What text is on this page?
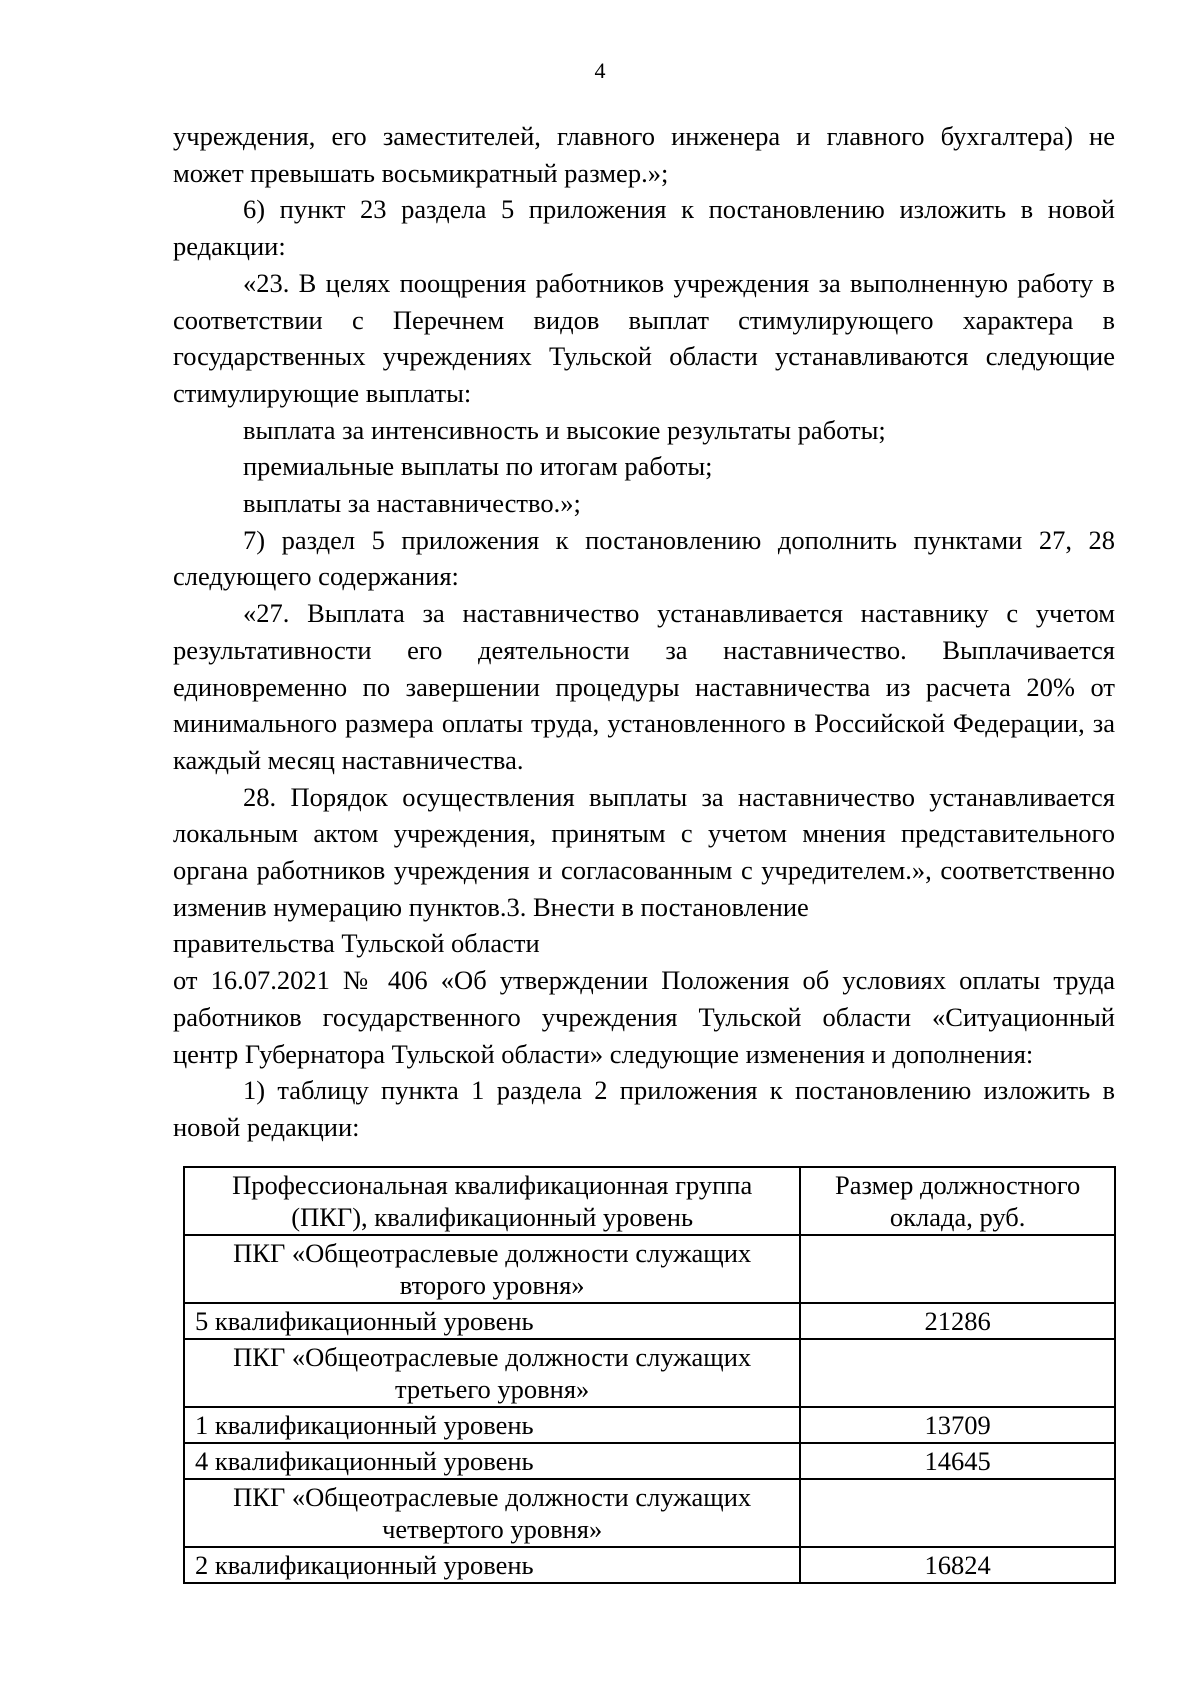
4

учреждения, его заместителей, главного инженера и главного бухгалтера) не может превышать восьмикратный размер.»;

6) пункт 23 раздела 5 приложения к постановлению изложить в новой редакции:

«23. В целях поощрения работников учреждения за выполненную работу в соответствии с Перечнем видов выплат стимулирующего характера в государственных учреждениях Тульской области устанавливаются следующие стимулирующие выплаты:

выплата за интенсивность и высокие результаты работы;

премиальные выплаты по итогам работы;

выплаты за наставничество.»;

7) раздел 5 приложения к постановлению дополнить пунктами 27, 28 следующего содержания:

«27. Выплата за наставничество устанавливается наставнику с учетом результативности его деятельности за наставничество. Выплачивается единовременно по завершении процедуры наставничества из расчета 20% от минимального размера оплаты труда, установленного в Российской Федерации, за каждый месяц наставничества.

28. Порядок осуществления выплаты за наставничество устанавливается локальным актом учреждения, принятым с учетом мнения представительного органа работников учреждения и согласованным с учредителем.», соответственно изменив нумерацию пунктов.3. Внести в постановление

правительства Тульской области

от 16.07.2021 № 406 «Об утверждении Положения об условиях оплаты труда работников государственного учреждения Тульской области «Ситуационный центр Губернатора Тульской области» следующие изменения и дополнения:

1) таблицу пункта 1 раздела 2 приложения к постановлению изложить в новой редакции:

Профессиональная квалификационная группа (ПКГ), квалификационный уровень	Размер должностного оклада, руб.
ПКГ «Общеотраслевые должности служащих второго уровня»	
5 квалификационный уровень	21286
ПКГ «Общеотраслевые должности служащих третьего уровня»	
1 квалификационный уровень	13709
4 квалификационный уровень	14645
ПКГ «Общеотраслевые должности служащих четвертого уровня»	
2 квалификационный уровень	16824
